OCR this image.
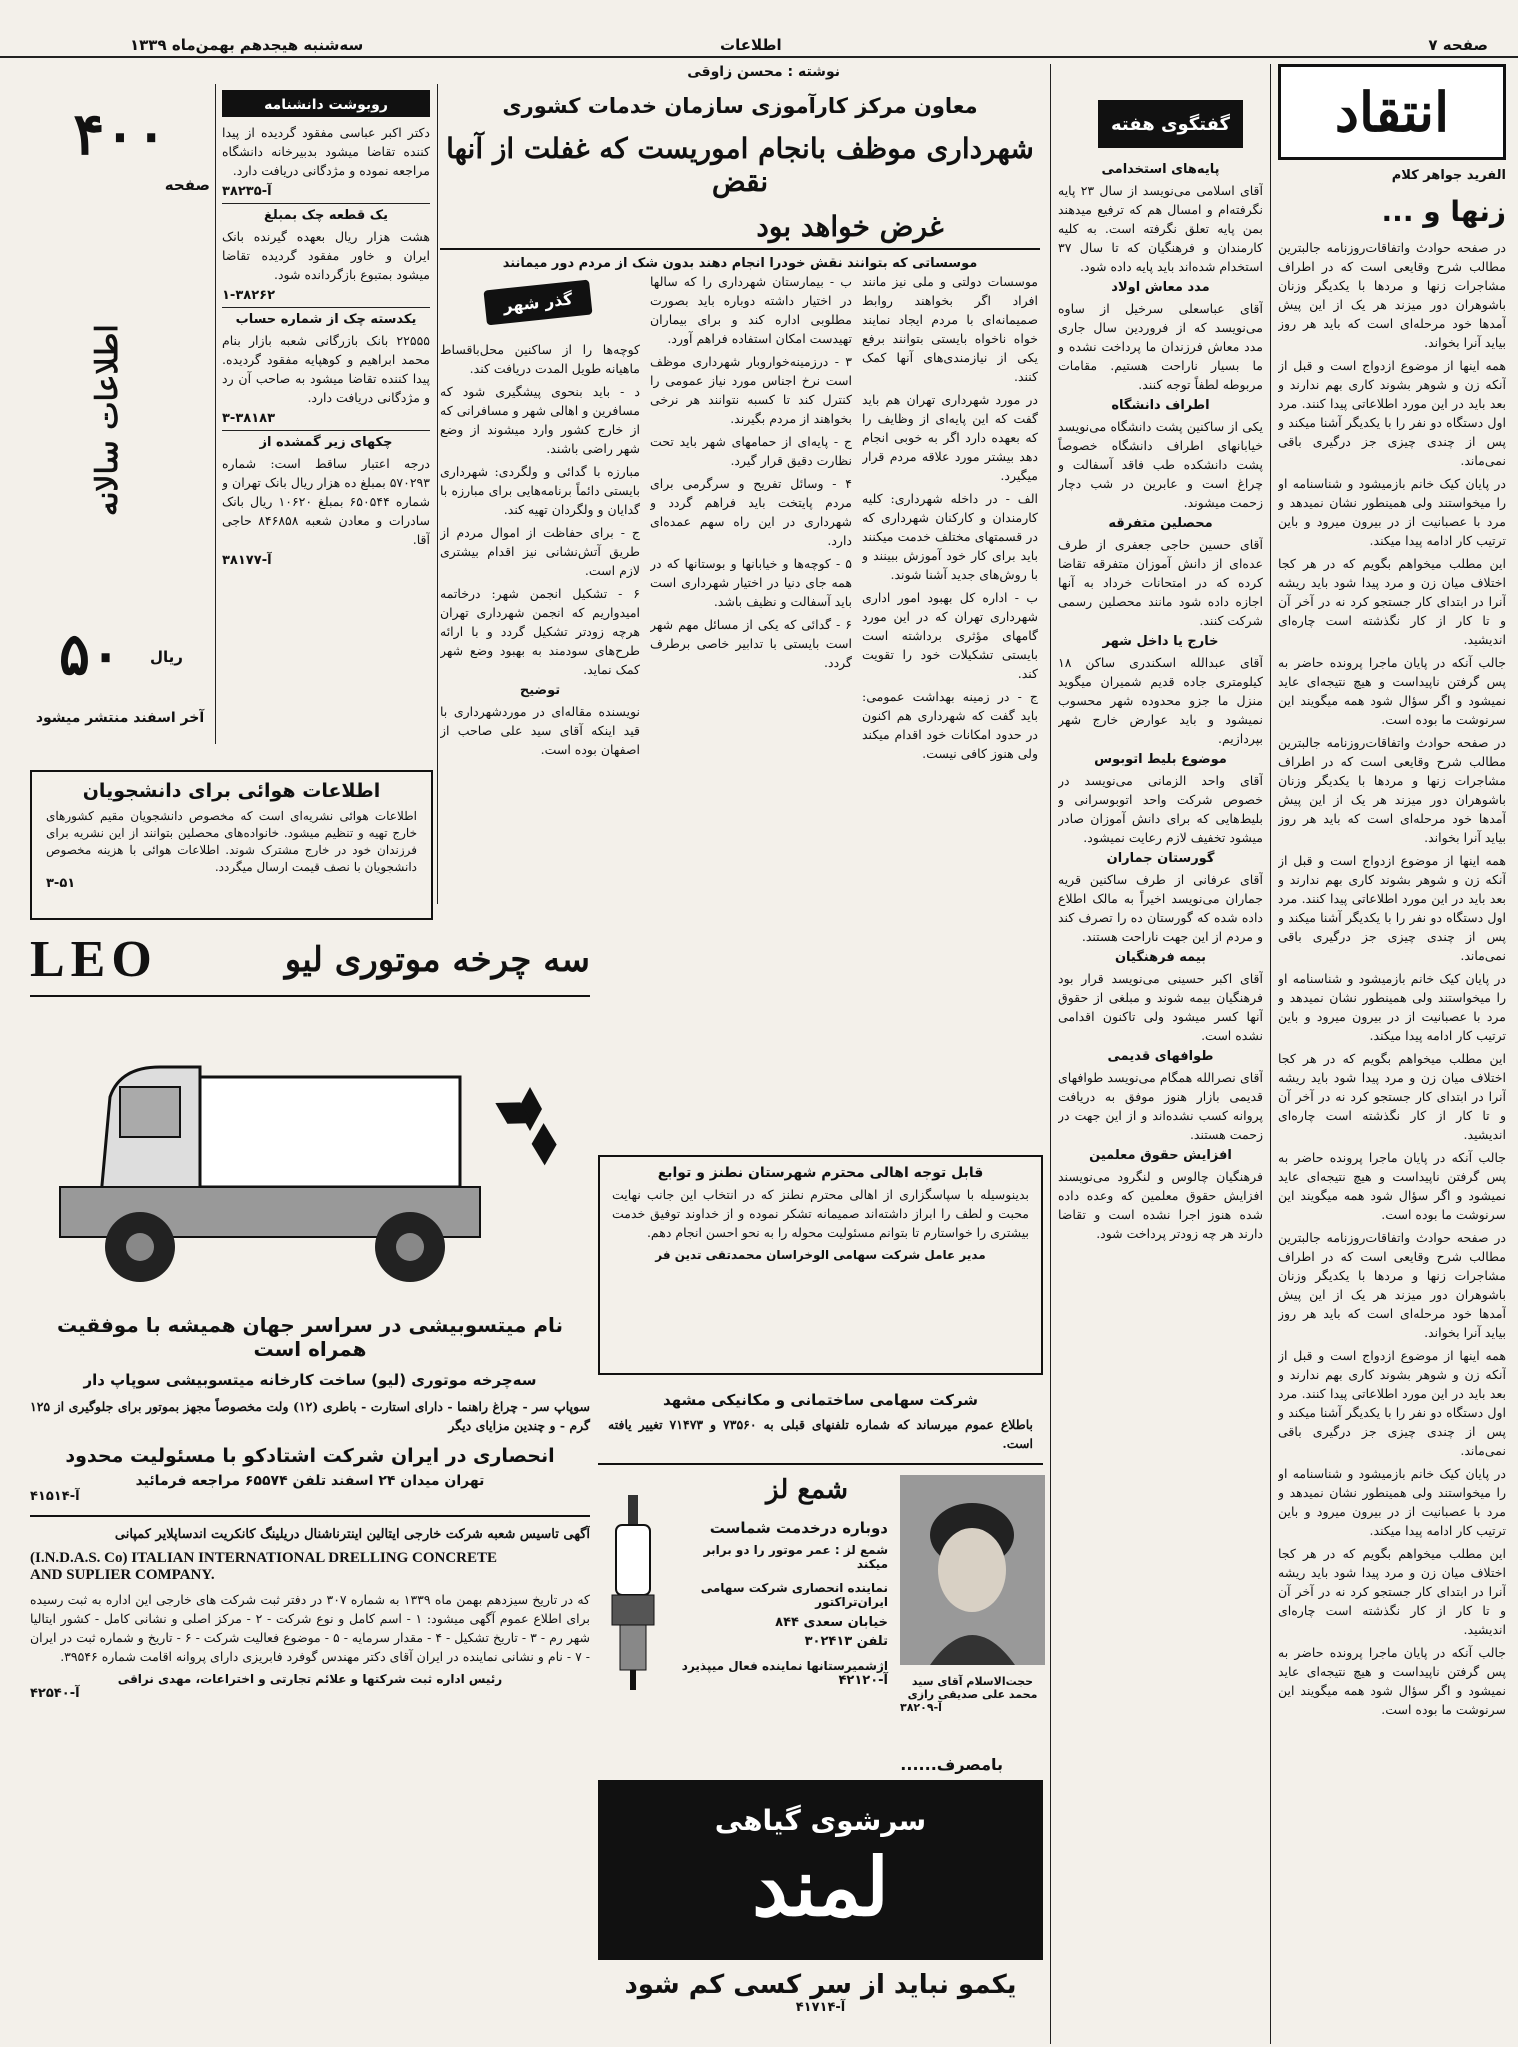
صفحه ۷
اطلاعات
سه‌شنبه هیجدهم بهمن‌ماه ۱۳۳۹
انتقاد
الفرید جواهر کلام
زنها و ...

در صفحه حوادث واتفاقات‌روزنامه جالبتر‌ین مطالب شرح وقایعی است که در اطراف مشاجرات زنها و مردها با یکدیگر وزنان باشوهران دور میزند هر یک از این پیش آمدها خود مرحله‌ای است که باید هر روز بیاید آنرا بخواند.

همه اینها از موضوع ازدواج است و قبل از آنکه زن و شوهر بشوند کاری بهم ندارند و بعد باید در این مورد اطلاعاتی پیدا کنند. مرد اول دستگاه دو نفر را با یکدیگر آشنا میکند و پس از چندی چیزی جز درگیری باقی نمی‌ماند.

در پایان کیک خانم بازمیشود و شناسنامه او را میخواستند ولی همینطور نشان نمیدهد و مرد با عصبانیت از در بیرون میرود و باین ترتیب کار ادامه پیدا میکند.

این مطلب میخواهم بگویم که در هر کجا اختلاف میان زن و مرد پیدا شود باید ریشه آنرا در ابتدای کار جستجو کرد نه در آخر آن و تا کار از کار نگذشته است چاره‌ای اندیشید.

جالب آنکه در پایان ماجرا پرونده حاضر به پس گرفتن ناپیداست و هیچ نتیجه‌ای عاید نمیشود و اگر سؤال شود همه میگویند این سرنوشت ما بوده است.

در صفحه حوادث واتفاقات‌روزنامه جالبتر‌ین مطالب شرح وقایعی است که در اطراف مشاجرات زنها و مردها با یکدیگر وزنان باشوهران دور میزند هر یک از این پیش آمدها خود مرحله‌ای است که باید هر روز بیاید آنرا بخواند.

همه اینها از موضوع ازدواج است و قبل از آنکه زن و شوهر بشوند کاری بهم ندارند و بعد باید در این مورد اطلاعاتی پیدا کنند. مرد اول دستگاه دو نفر را با یکدیگر آشنا میکند و پس از چندی چیزی جز درگیری باقی نمی‌ماند.

در پایان کیک خانم بازمیشود و شناسنامه او را میخواستند ولی همینطور نشان نمیدهد و مرد با عصبانیت از در بیرون میرود و باین ترتیب کار ادامه پیدا میکند.

این مطلب میخواهم بگویم که در هر کجا اختلاف میان زن و مرد پیدا شود باید ریشه آنرا در ابتدای کار جستجو کرد نه در آخر آن و تا کار از کار نگذشته است چاره‌ای اندیشید.

جالب آنکه در پایان ماجرا پرونده حاضر به پس گرفتن ناپیداست و هیچ نتیجه‌ای عاید نمیشود و اگر سؤال شود همه میگویند این سرنوشت ما بوده است.

در صفحه حوادث واتفاقات‌روزنامه جالبتر‌ین مطالب شرح وقایعی است که در اطراف مشاجرات زنها و مردها با یکدیگر وزنان باشوهران دور میزند هر یک از این پیش آمدها خود مرحله‌ای است که باید هر روز بیاید آنرا بخواند.

همه اینها از موضوع ازدواج است و قبل از آنکه زن و شوهر بشوند کاری بهم ندارند و بعد باید در این مورد اطلاعاتی پیدا کنند. مرد اول دستگاه دو نفر را با یکدیگر آشنا میکند و پس از چندی چیزی جز درگیری باقی نمی‌ماند.

در پایان کیک خانم بازمیشود و شناسنامه او را میخواستند ولی همینطور نشان نمیدهد و مرد با عصبانیت از در بیرون میرود و باین ترتیب کار ادامه پیدا میکند.

این مطلب میخواهم بگویم که در هر کجا اختلاف میان زن و مرد پیدا شود باید ریشه آنرا در ابتدای کار جستجو کرد نه در آخر آن و تا کار از کار نگذشته است چاره‌ای اندیشید.

جالب آنکه در پایان ماجرا پرونده حاضر به پس گرفتن ناپیداست و هیچ نتیجه‌ای عاید نمیشود و اگر سؤال شود همه میگویند این سرنوشت ما بوده است.

گفتگوی هفته
پایه‌های استخدامی

آقای اسلامی می‌نویسد از سال ۲۳ پایه نگرفته‌ام و امسال هم که ترفیع میدهند بمن پایه تعلق نگرفته است. به کلیه کارمندان و فرهنگیان که تا سال ۳۷ استخدام شده‌اند باید پایه داده شود.

مدد معاش اولاد

آقای عباسعلی سرخیل از ساوه می‌نویسد که از فروردین سال جاری مدد معاش فرزندان ما پرداخت نشده و ما بسیار ناراحت هستیم. مقامات مربوطه لطفاً توجه کنند.

اطراف دانشگاه

یکی از ساکنین پشت دانشگاه می‌نویسد خیابانهای اطراف دانشگاه خصوصاً پشت دانشکده طب فاقد آسفالت و چراغ است و عابرین در شب دچار زحمت میشوند.

محصلین متفرقه

آقای حسین حاجی جعفری از طرف عده‌ای از دانش آموزان متفرقه تقاضا کرده که در امتحانات خرداد به آنها اجازه داده شود مانند محصلین رسمی شرکت کنند.

خارج یا داخل شهر

آقای عبدالله اسکندری ساکن ۱۸ کیلومتری جاده قدیم شمیران میگوید منزل ما جزو محدوده شهر محسوب نمیشود و باید عوارض خارج شهر بپردازیم.

موضوع بلیط اتوبوس

آقای واحد الزمانی می‌نویسد در خصوص شرکت واحد اتوبوسرانی و بلیط‌هایی که برای دانش آموزان صادر میشود تخفیف لازم رعایت نمیشود.

گورستان جماران

آقای عرفانی از طرف ساکنین قریه جماران می‌نویسد اخیراً به مالک اطلاع داده شده که گورستان ده را تصرف کند و مردم از این جهت ناراحت هستند.

بیمه فرهنگیان

آقای اکبر حسینی می‌نویسد قرار بود فرهنگیان بیمه شوند و مبلغی از حقوق آنها کسر میشود ولی تاکنون اقدامی نشده است.

طوافهای قدیمی

آقای نصرالله همگام می‌نویسد طوافهای قدیمی بازار هنوز موفق به دریافت پروانه کسب نشده‌اند و از این جهت در زحمت هستند.

افزایش حقوق معلمین

فرهنگیان چالوس و لنگرود می‌نویسند افزایش حقوق معلمین که وعده داده شده هنوز اجرا نشده است و تقاضا دارند هر چه زودتر پرداخت شود.

نوشته : محسن زاوقی
معاون مرکز کارآموزی سازمان خدمات کشوری
شهرداری موظف بانجام اموریست که غفلت از آنها نقض
غرض خواهد بود
موسساتی که بتوانند نقش خودرا انجام دهند بدون شک از مردم دور میمانند

موسسات دولتی و ملی نیز مانند افراد اگر بخواهند روابط صمیمانه‌ای با مردم ایجاد نمایند خواه ناخواه بایستی بتوانند برفع یکی از نیازمندی‌های آنها کمک کنند.

در مورد شهرداری تهران هم باید گفت که این پایه‌ای از وظایف را که بعهده دارد اگر به خوبی انجام دهد بیشتر مورد علاقه مردم قرار میگیرد.

الف - در داخله شهرداری: کلیه کارمندان و کارکنان شهرداری که در قسمتهای مختلف خدمت میکنند باید برای کار خود آموزش ببینند و با روش‌های جدید آشنا شوند.

ب - اداره کل بهبود امور اداری شهرداری تهران که در این مورد گامهای مؤثری برداشته است بایستی تشکیلات خود را تقویت کند.

ج - در زمینه بهداشت عمومی: باید گفت که شهرداری هم اکنون در حدود امکانات خود اقدام میکند ولی هنوز کافی نیست.

ب - بیمارستان شهرداری را که سالها در اختیار داشته دوباره باید بصورت مطلوبی اداره کند و برای بیماران تهیدست امکان استفاده فراهم آورد.

۳ - درزمینه‌خواروبار شهرداری موظف است نرخ اجناس مورد نیاز عمومی را کنترل کند تا کسبه نتوانند هر نرخی بخواهند از مردم بگیرند.

ج - پایه‌ای از حمامهای شهر باید تحت نظارت دقیق قرار گیرد.

۴ - وسائل تفریح و سرگرمی برای مردم پایتخت باید فراهم گردد و شهرداری در این راه سهم عمده‌ای دارد.

۵ - کوچه‌ها و خیابانها و بوستانها که در همه جای دنیا در اختیار شهرداری است باید آسفالت و نظیف باشد.

۶ - گدائی که یکی از مسائل مهم شهر است بایستی با تدابیر خاصی برطرف گردد.

گذر شهر

کوچه‌ها را از ساکنین محل‌باقساط ماهیانه طویل المدت دریافت کند.

د - باید بنحوی پیشگیری شود که مسافرین و اهالی شهر و مسافرانی که از خارج کشور وارد میشوند از وضع شهر راضی باشند.

مبارزه با گدائی و ولگردی: شهرداری بایستی دائماً برنامه‌هایی برای مبارزه با گدایان و ولگردان تهیه کند.

ج - برای حفاظت از اموال مردم از طریق آتش‌نشانی نیز اقدام بیشتری لازم است.

۶ - تشکیل انجمن شهر: درخاتمه امیدواریم که انجمن شهرداری تهران هرچه زودتر تشکیل گردد و با ارائه طرح‌های سودمند به بهبود وضع شهر کمک نماید.

توضیح

نویسنده مقاله‌ای در موردشهرداری با قید اینکه آقای سید علی صاحب از اصفهان بوده است.

روبوشت دانشنامه

دکتر اکبر عباسی مفقود گردیده از پیدا کننده تقاضا میشود بدبیرخانه دانشگاه مراجعه نموده و مژدگانی دریافت دارد.

آ-۳۸۲۳۵
یک قطعه چک بمبلغ

هشت هزار ریال بعهده گیرنده بانک ایران و خاور مفقود گردیده تقاضا میشود بمتبوع بازگردانده شود.

۱-۳۸۲۶۲
یکدسته چک از شماره حساب

۲۲۵۵۵ بانک بازرگانی شعبه بازار بنام محمد ابراهیم و کوهپایه مفقود گردیده. پیدا کننده تقاضا میشود به صاحب آن رد و مژدگانی دریافت دارد.

۳-۳۸۱۸۳
چکهای زیر گمشده از

درجه اعتبار ساقط است: شماره ۵۷۰۲۹۳ بمبلغ ده هزار ریال بانک تهران و شماره ۶۵۰۵۴۴ بمبلغ ۱۰۶۲۰ ریال بانک سادرات و معادن شعبه ۸۴۶۸۵۸ حاجی آقا.

آ-۳۸۱۷۷
۴۰۰
صفحه
اطلاعات سالانه
۵۰	ریال
آخر اسفند منتشر میشود
اطلاعات هوائی برای دانشجویان
اطلاعات هوائی نشریه‌ای است که مخصوص دانشجویان مقیم کشورهای خارج تهیه و تنظیم میشود. خانواده‌های محصلین بتوانند از این نشریه برای فرزندان خود در خارج مشترک شوند. اطلاعات هوائی با هزینه مخصوص دانشجویان با نصف قیمت ارسال میگردد.
۳-۵۱
سه چرخه موتوری لیو
LEO
نام میتسوبیشی در سراسر جهان همیشه با موفقیت همراه است
سه‌چرخه موتوری (لیو) ساخت کارخانه میتسوبیشی سوپاپ دار
سوپاپ سر - چراغ راهنما - دارای استارت - باطری (۱۲) ولت مخصوصاً مجهز بموتور برای جلوگیری از ۱۲۵ گرم - و چندین مزایای دیگر
انحصاری در ایران شرکت اشتادکو با مسئولیت محدود
تهران میدان ۲۴ اسفند تلفن ۶۵۵۷۴ مراجعه فرمائید
آ-۴۱۵۱۴
آگهی تاسیس شعبه شرکت خارجی ایتالین اینترناشنال دریلینگ کانکریت اندساپلایر کمپانی
(I.N.D.A.S. Co) ITALIAN INTERNATIONAL DRELLING CONCRETE
AND SUPLIER COMPANY.

که در تاریخ سیزدهم بهمن ماه ۱۳۳۹ به شماره ۳۰۷ در دفتر ثبت شرکت های خارجی این اداره به ثبت رسیده برای اطلاع عموم آگهی میشود: ۱ - اسم کامل و نوع شرکت - ۲ - مرکز اصلی و نشانی کامل - کشور ایتالیا شهر رم - ۳ - تاریخ تشکیل - ۴ - مقدار سرمایه - ۵ - موضوع فعالیت شرکت - ۶ - تاریخ و شماره ثبت در ایران - ۷ - نام و نشانی نماینده در ایران آقای دکتر مهندس گوفرد فابریزی دارای پروانه اقامت شماره ۳۹۵۴۶.

رئیس اداره ثبت شرکتها و علائم تجارتی و اختراعات، مهدی نراقی
آ-۴۲۵۴۰
قابل توجه اهالی محترم شهرستان نطنز و توابع
بدینوسیله با سپاسگزاری از اهالی محترم نطنز که در انتخاب این جانب نهایت محبت و لطف را ابراز داشته‌اند صمیمانه تشکر نموده و از خداوند توفیق خدمت بیشتری را خواستارم تا بتوانم مسئولیت محوله را به نحو احسن انجام دهم.
مدیر عامل شرکت سهامی الوخراسان محمدتقی تدین فر
شرکت سهامی ساختمانی و مکانیکی مشهد
باطلاع عموم میرساند که شماره تلفنهای قبلی به ۷۳۵۶۰ و ۷۱۴۷۳ تغییر یافته است.
شمع لز
دوباره درخدمت شماست
شمع لز : عمر موتور را دو برابر میکند
نماینده انحصاری شرکت سهامی ایران‌تراکتور
خیابان سعدی ۸۴۴
تلفن ۳۰۲۴۱۳
اژشمیرستانها نماینده فعال میپذیرد
آ-۴۲۱۲۰	حجت‌الاسلام آقای سید محمد علی صدیقی رازی
آ-۳۸۲۰۹
بامصرف......
سرشوی گیاهی
لمند
یکمو نباید از سر کسی کم شود
آ-۴۱۷۱۴
